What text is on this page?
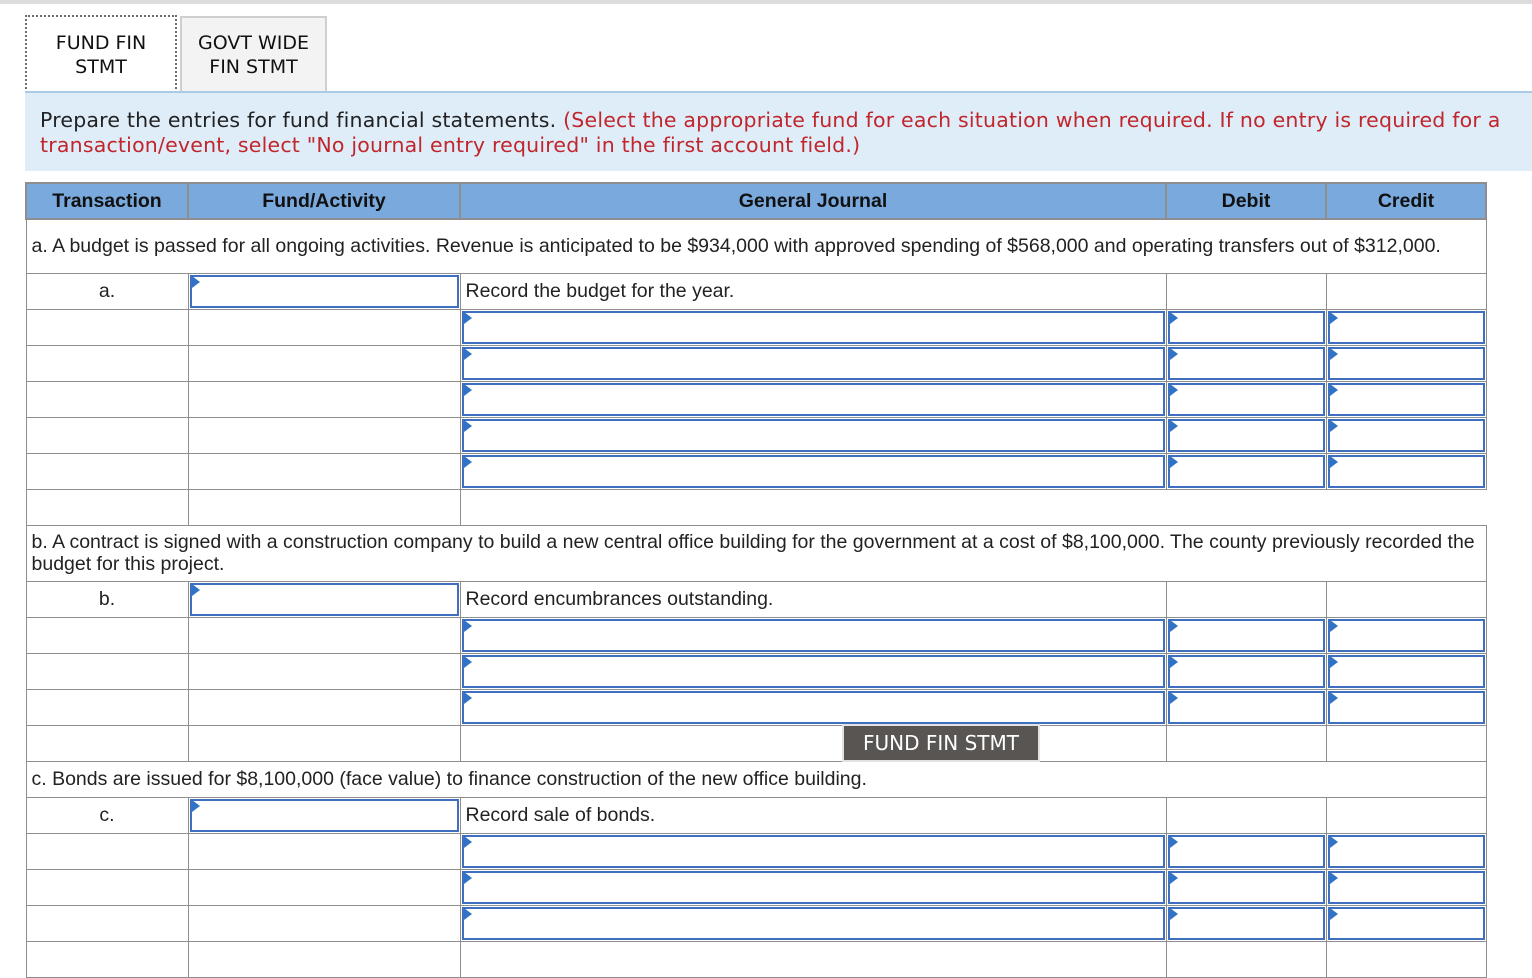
FUND FIN
STMT
GOVT WIDE
FIN STMT
Prepare the entries for fund financial statements. (Select the appropriate fund for each situation when required. If no entry is required for a transaction/event, select "No journal entry required" in the first account field.)
Transaction	Fund/Activity	General Journal	Debit	Credit
a. A budget is passed for all ongoing activities. Revenue is anticipated to be $934,000 with approved spending of $568,000 and operating transfers out of $312,000.				
a.		Record the budget for the year.		

b. A contract is signed with a construction company to build a new central office building for the government at a cost of $8,100,000. The county previously recorded the budget for this project.				
b.		Record encumbrances outstanding.		

c. Bonds are issued for $8,100,000 (face value) to finance construction of the new office building.				
c.		Record sale of bonds.		

FUND FIN STMT
